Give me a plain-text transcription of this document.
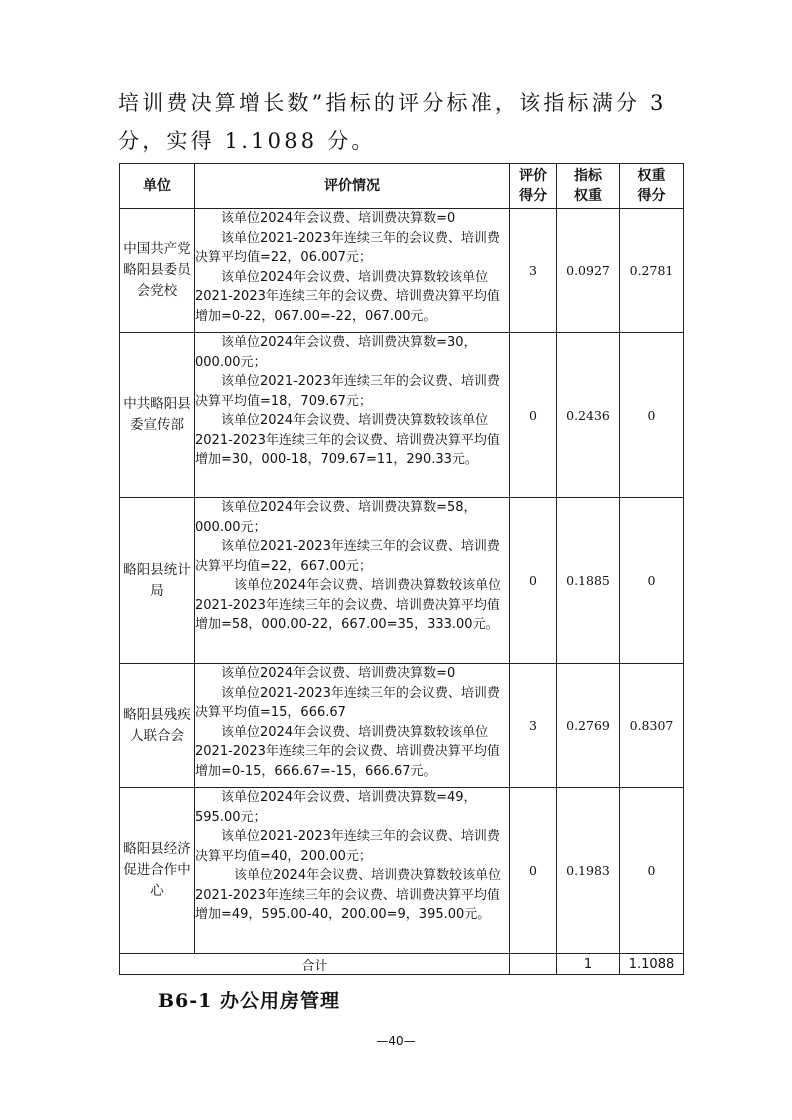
培训费决算增长数”指标的评分标准，该指标满分 3
分，实得 1.1088 分。

单位	评价情况	评价得分	指标权重	权重得分
中国共产党略阳县委员会党校	该单位2024年会议费、培训费决算数=0

该单位2021-2023年连续三年的会议费、培训费决算平均值=22，06.007元；

该单位2024年会议费、培训费决算数较该单位2021-2023年连续三年的会议费、培训费决算平均值增加=0-22，067.00=-22，067.00元。	3	0.0927	0.2781
中共略阳县委宣传部	该单位2024年会议费、培训费决算数=30，000.00元；

该单位2021-2023年连续三年的会议费、培训费决算平均值=18，709.67元；

该单位2024年会议费、培训费决算数较该单位2021-2023年连续三年的会议费、培训费决算平均值增加=30，000-18，709.67=11，290.33元。	0	0.2436	0
略阳县统计局	该单位2024年会议费、培训费决算数=58，000.00元；

该单位2021-2023年连续三年的会议费、培训费决算平均值=22，667.00元；

该单位2024年会议费、培训费决算数较该单位2021-2023年连续三年的会议费、培训费决算平均值增加=58，000.00-22，667.00=35，333.00元。	0	0.1885	0
略阳县残疾人联合会	该单位2024年会议费、培训费决算数=0

该单位2021-2023年连续三年的会议费、培训费决算平均值=15，666.67

该单位2024年会议费、培训费决算数较该单位2021-2023年连续三年的会议费、培训费决算平均值增加=0-15，666.67=-15，666.67元。	3	0.2769	0.8307
略阳县经济促进合作中心	该单位2024年会议费、培训费决算数=49，595.00元；

该单位2021-2023年连续三年的会议费、培训费决算平均值=40，200.00元；

该单位2024年会议费、培训费决算数较该单位2021-2023年连续三年的会议费、培训费决算平均值增加=49，595.00-40，200.00=9，395.00元。	0	0.1983	0
合计			1	1.1088
B6-1 办公用房管理
—40—
